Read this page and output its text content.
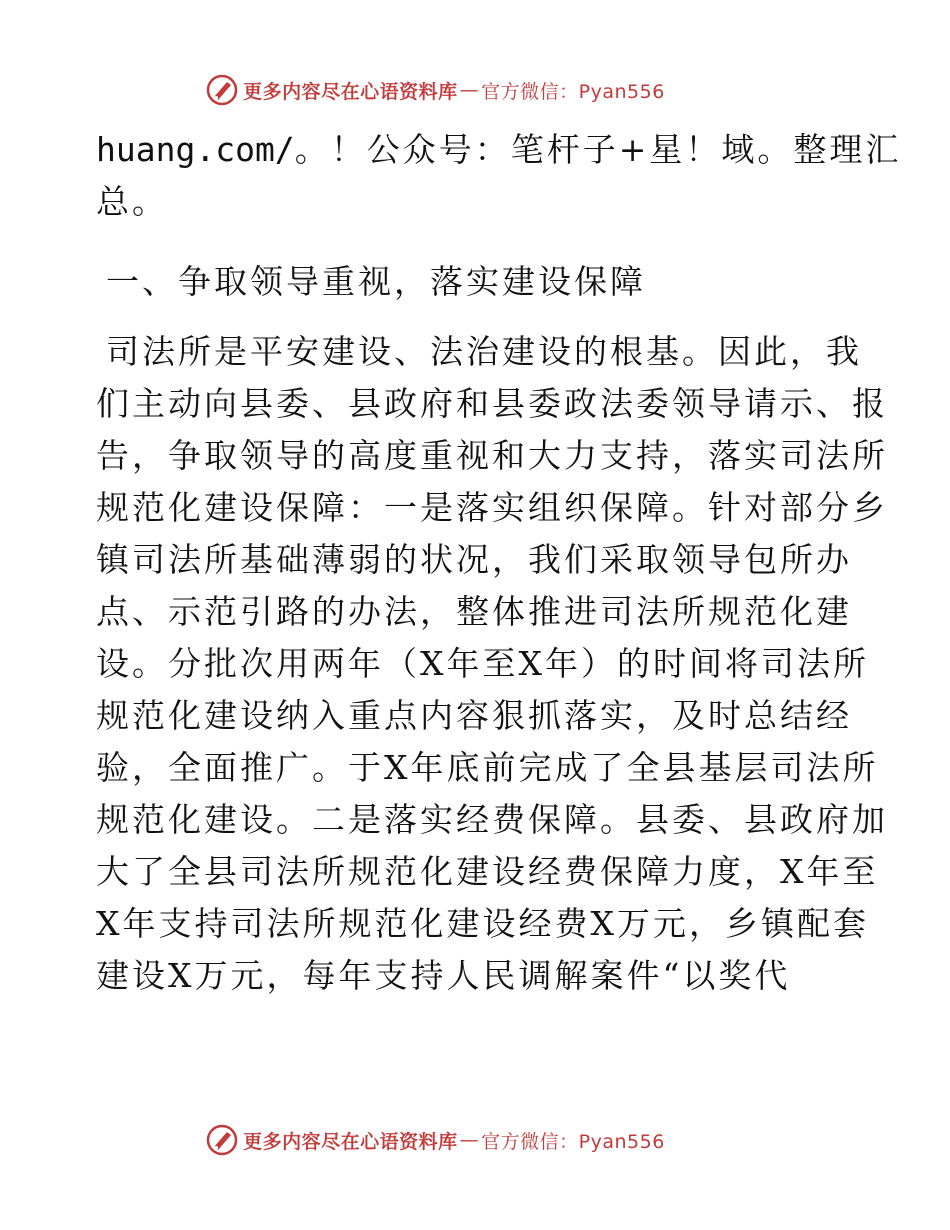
更多内容尽在心语资料库 — 官方微信：Pyan556
huang.com/。！公众号：笔杆子+星！域。整理汇
总。
一、争取领导重视，落实建设保障
司法所是平安建设、法治建设的根基。因此，我
们主动向县委、县政府和县委政法委领导请示、报
告，争取领导的高度重视和大力支持，落实司法所
规范化建设保障：一是落实组织保障。针对部分乡
镇司法所基础薄弱的状况，我们采取领导包所办
点、示范引路的办法，整体推进司法所规范化建
设。分批次用两年（X年至X年）的时间将司法所
规范化建设纳入重点内容狠抓落实，及时总结经
验，全面推广。于X年底前完成了全县基层司法所
规范化建设。二是落实经费保障。县委、县政府加
大了全县司法所规范化建设经费保障力度，X年至
X年支持司法所规范化建设经费X万元，乡镇配套
建设X万元，每年支持人民调解案件“以奖代
更多内容尽在心语资料库 — 官方微信：Pyan556
